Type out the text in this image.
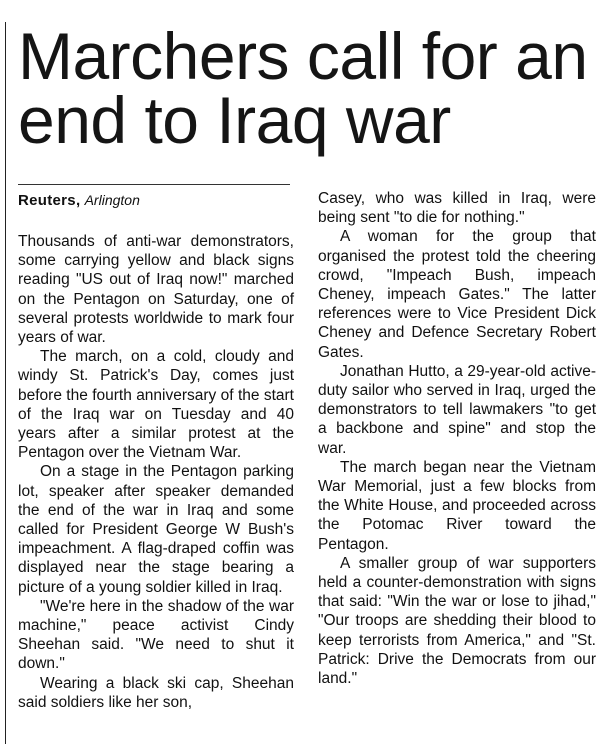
Marchers call for an end to Iraq war
Reuters, Arlington

Thousands of anti-war demonstrators, some carrying yellow and black signs reading "US out of Iraq now!" marched on the Pentagon on Saturday, one of several protests worldwide to mark four years of war.

The march, on a cold, cloudy and windy St. Patrick's Day, comes just before the fourth anniversary of the start of the Iraq war on Tuesday and 40 years after a similar protest at the Pentagon over the Vietnam War.

On a stage in the Pentagon parking lot, speaker after speaker demanded the end of the war in Iraq and some called for President George W Bush's impeachment. A flag-draped coffin was displayed near the stage bearing a picture of a young soldier killed in Iraq.

"We're here in the shadow of the war machine," peace activist Cindy Sheehan said. "We need to shut it down."

Wearing a black ski cap, Sheehan said soldiers like her son,

Casey, who was killed in Iraq, were being sent "to die for nothing."

A woman for the group that organised the protest told the cheering crowd, "Impeach Bush, impeach Cheney, impeach Gates." The latter references were to Vice President Dick Cheney and Defence Secretary Robert Gates.

Jonathan Hutto, a 29-year-old active-duty sailor who served in Iraq, urged the demonstrators to tell lawmakers "to get a backbone and spine" and stop the war.

The march began near the Vietnam War Memorial, just a few blocks from the White House, and proceeded across the Potomac River toward the Pentagon.

A smaller group of war supporters held a counter-demonstration with signs that said: "Win the war or lose to jihad," "Our troops are shedding their blood to keep terrorists from America," and "St. Patrick: Drive the Democrats from our land."
